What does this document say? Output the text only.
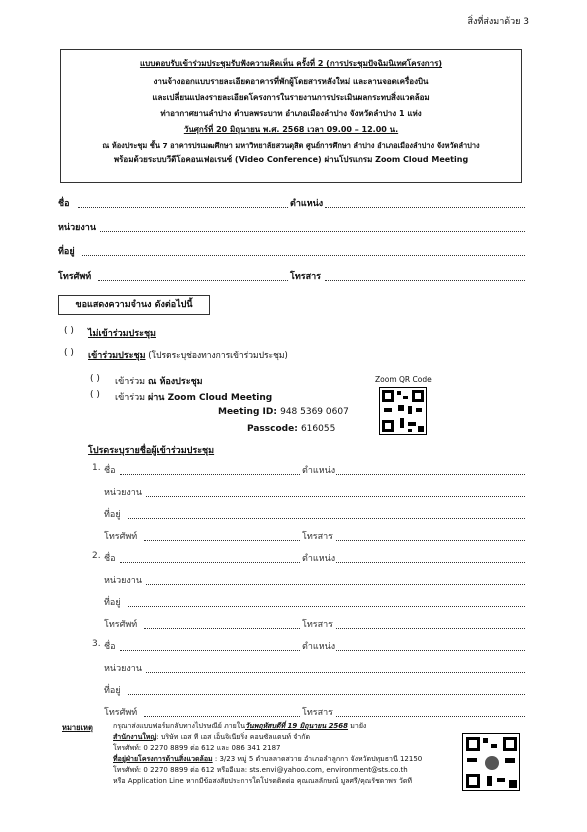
สิ่งที่ส่งมาด้วย 3
แบบตอบรับเข้าร่วมประชุมรับฟังความคิดเห็น ครั้งที่ 2 (การประชุมปัจฉิมนิเทศโครงการ)
งานจ้างออกแบบรายละเอียดอาคารที่พักผู้โดยสารหลังใหม่ และลานจอดเครื่องบิน
และเปลี่ยนแปลงรายละเอียดโครงการในรายงานการประเมินผลกระทบสิ่งแวดล้อม
ท่าอากาศยานลำปาง ตำบลพระบาท อำเภอเมืองลำปาง จังหวัดลำปาง 1 แห่ง
วันศุกร์ที่ 20 มิถุนายน พ.ศ. 2568 เวลา 09.00 – 12.00 น.
ณ ห้องประชุม ชั้น 7 อาคารปรเมฒศึกษา มหาวิทยาลัยสวนดุสิต ศูนย์การศึกษา ลำปาง อำเภอเมืองลำปาง จังหวัดลำปาง
พร้อมด้วยระบบวีดีโอคอนเฟอเรนซ์ (Video Conference) ผ่านโปรแกรม Zoom Cloud Meeting
ชื่อ	ตำแหน่ง
หน่วยงาน
ที่อยู่
โทรศัพท์	โทรสาร
ขอแสดงความจำนง ดังต่อไปนี้
( ) ไม่เข้าร่วมประชุม
( ) เข้าร่วมประชุม (โปรดระบุช่องทางการเข้าร่วมประชุม)
( ) เข้าร่วม ณ ห้องประชุม
( ) เข้าร่วม ผ่าน Zoom Cloud Meeting
Meeting ID: 948 5369 0607
Passcode: 616055
Zoom QR Code
โปรดระบุรายชื่อผู้เข้าร่วมประชุม
1. ชื่อ	ตำแหน่ง
หน่วยงาน
ที่อยู่
โทรศัพท์	โทรสาร
2. ชื่อ	ตำแหน่ง
หน่วยงาน
ที่อยู่
โทรศัพท์	โทรสาร
3. ชื่อ	ตำแหน่ง
หน่วยงาน
ที่อยู่
โทรศัพท์	โทรสาร
หมายเหตุ	กรุณาส่งแบบฟอร์มกลับทางไปรษณีย์ ภายในวันพฤหัสบดีที่ 19 มิถุนายน 2568 มายัง
สำนักงานใหญ่: บริษัท เอส ที เอส เอ็นจิเนียริ่ง คอนซัลแตนท์ จำกัด
โทรศัพท์: 0 2270 8899 ต่อ 612 และ 086 341 2187
ที่อยู่ฝ่ายโครงการด้านสิ่งแวดล้อม : 3/23 หมู่ 5 ตำบลลาดสวาย อำเภอลำลูกกา จังหวัดปทุมธานี 12150
โทรศัพท์: 0 2270 8899 ต่อ 612 หรืออีเมล: sts.envi@yahoo.com, environment@sts.co.th
หรือ Application Line หากมีข้อสงสัยประการใดโปรดติดต่อ คุณณลลักษณ์ มูลศรี/คุณรัชดาพร วัดที
